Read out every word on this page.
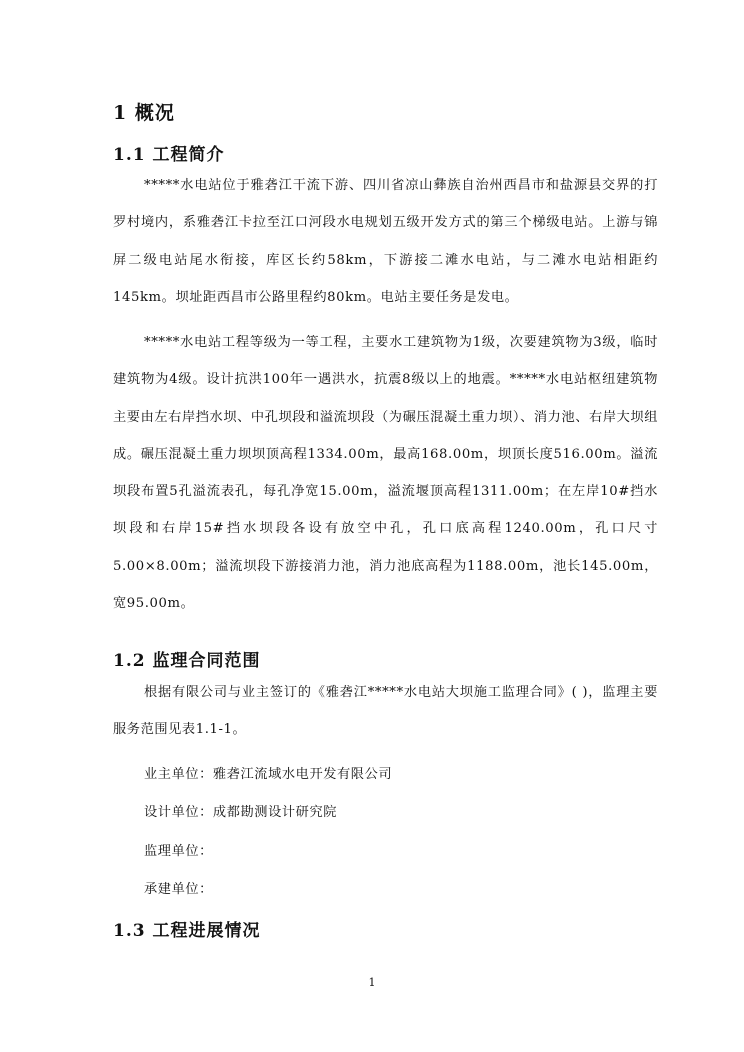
1 概况
1.1 工程简介

*****水电站位于雅砻江干流下游、四川省凉山彝族自治州西昌市和盐源县交界的打罗村境内，系雅砻江卡拉至江口河段水电规划五级开发方式的第三个梯级电站。上游与锦屏二级电站尾水衔接，库区长约58km，下游接二滩水电站，与二滩水电站相距约145km。坝址距西昌市公路里程约80km。电站主要任务是发电。

*****水电站工程等级为一等工程，主要水工建筑物为1级，次要建筑物为3级，临时建筑物为4级。设计抗洪100年一遇洪水，抗震8级以上的地震。*****水电站枢纽建筑物主要由左右岸挡水坝、中孔坝段和溢流坝段（为碾压混凝土重力坝）、消力池、右岸大坝组成。碾压混凝土重力坝坝顶高程1334.00m，最高168.00m，坝顶长度516.00m。溢流坝段布置5孔溢流表孔，每孔净宽15.00m，溢流堰顶高程1311.00m；在左岸10#挡水坝段和右岸15#挡水坝段各设有放空中孔，孔口底高程1240.00m，孔口尺寸5.00×8.00m；溢流坝段下游接消力池，消力池底高程为1188.00m，池长145.00m，宽95.00m。

1.2 监理合同范围

根据有限公司与业主签订的《雅砻江*****水电站大坝施工监理合同》( )，监理主要服务范围见表1.1-1。

业主单位：雅砻江流域水电开发有限公司
设计单位：成都勘测设计研究院
监理单位：
承建单位：
1.3 工程进展情况
1
